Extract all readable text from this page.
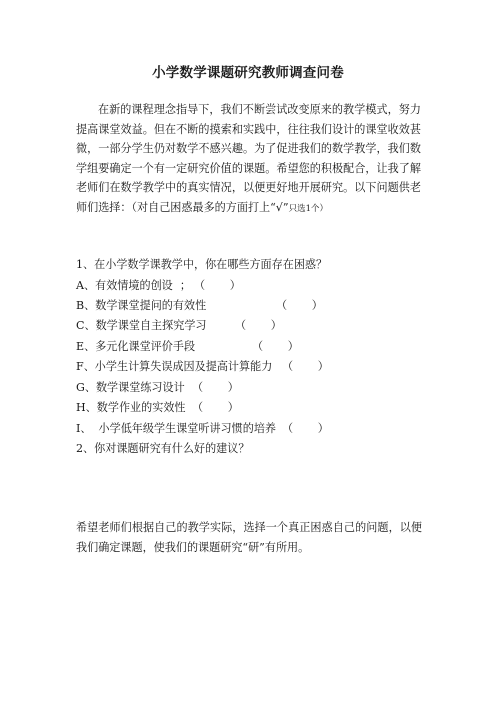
小学数学课题研究教师调查问卷

在新的课程理念指导下，我们不断尝试改变原来的教学模式，努力提高课堂效益。但在不断的摸索和实践中，往往我们设计的课堂收效甚微，一部分学生仍对数学不感兴趣。为了促进我们的数学教学，我们数学组要确定一个有一定研究价值的课题。希望您的积极配合，让我了解老师们在数学教学中的真实情况，以便更好地开展研究。以下问题供老师们选择：（对自己困惑最多的方面打上“√”只选1个）

1、在小学数学课教学中，你在哪些方面存在困惑？
A、有效情境的创设  ； （       ）
B、数学课堂提问的有效性	（       ）
C、数学课堂自主探究学习	（       ）
E、多元化课堂评价手段	（       ）
F、小学生计算失误成因及提高计算能力 （       ）
G、数学课堂练习设计 （       ）
H、数学作业的实效性 （       ）
I、  小学低年级学生课堂听讲习惯的培养 （       ）
2、你对课题研究有什么好的建议？

希望老师们根据自己的教学实际，选择一个真正困惑自己的问题，以便我们确定课题，使我们的课题研究“研”有所用。
